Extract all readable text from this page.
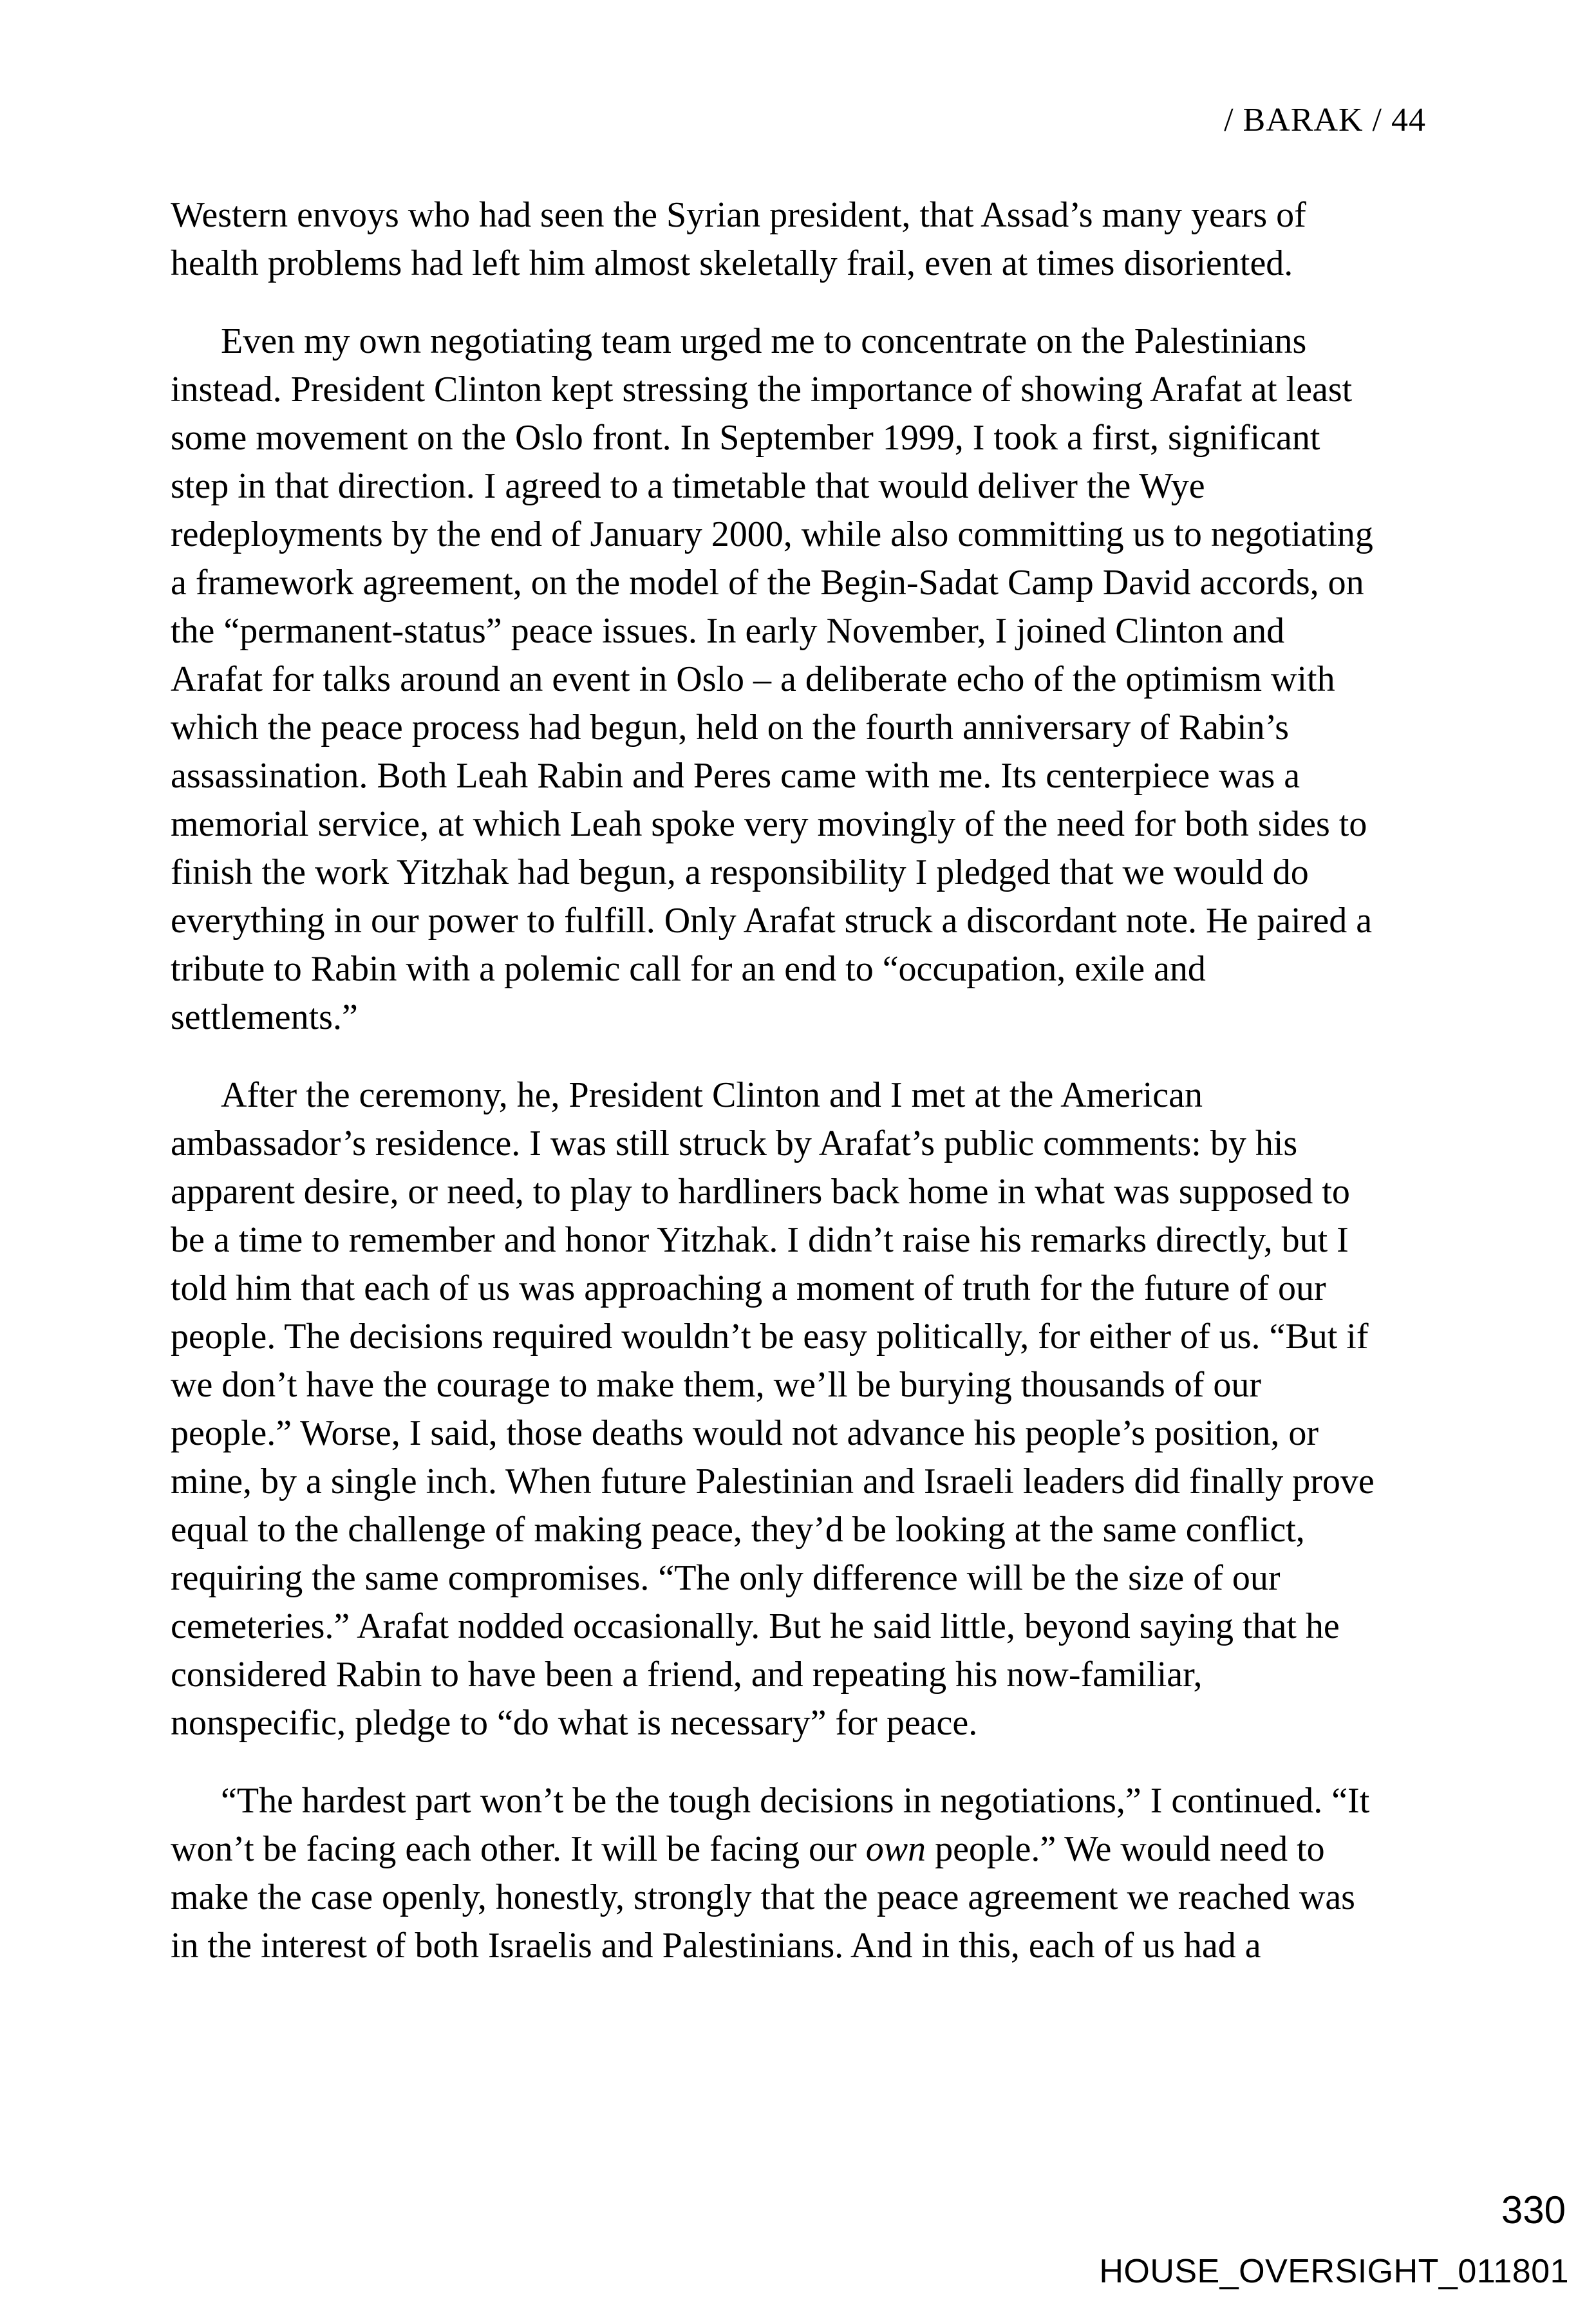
/ BARAK / 44

Western envoys who had seen the Syrian president, that Assad’s many years of
health problems had left him almost skeletally frail, even at times disoriented.

Even my own negotiating team urged me to concentrate on the Palestinians
instead. President Clinton kept stressing the importance of showing Arafat at least
some movement on the Oslo front. In September 1999, I took a first, significant
step in that direction. I agreed to a timetable that would deliver the Wye
redeployments by the end of January 2000, while also committing us to negotiating
a framework agreement, on the model of the Begin-Sadat Camp David accords, on
the “permanent-status” peace issues. In early November, I joined Clinton and
Arafat for talks around an event in Oslo – a deliberate echo of the optimism with
which the peace process had begun, held on the fourth anniversary of Rabin’s
assassination. Both Leah Rabin and Peres came with me. Its centerpiece was a
memorial service, at which Leah spoke very movingly of the need for both sides to
finish the work Yitzhak had begun, a responsibility I pledged that we would do
everything in our power to fulfill. Only Arafat struck a discordant note. He paired a
tribute to Rabin with a polemic call for an end to “occupation, exile and
settlements.”

After the ceremony, he, President Clinton and I met at the American
ambassador’s residence. I was still struck by Arafat’s public comments: by his
apparent desire, or need, to play to hardliners back home in what was supposed to
be a time to remember and honor Yitzhak. I didn’t raise his remarks directly, but I
told him that each of us was approaching a moment of truth for the future of our
people. The decisions required wouldn’t be easy politically, for either of us. “But if
we don’t have the courage to make them, we’ll be burying thousands of our
people.” Worse, I said, those deaths would not advance his people’s position, or
mine, by a single inch. When future Palestinian and Israeli leaders did finally prove
equal to the challenge of making peace, they’d be looking at the same conflict,
requiring the same compromises. “The only difference will be the size of our
cemeteries.” Arafat nodded occasionally. But he said little, beyond saying that he
considered Rabin to have been a friend, and repeating his now-familiar,
nonspecific, pledge to “do what is necessary” for peace.

“The hardest part won’t be the tough decisions in negotiations,” I continued. “It
won’t be facing each other. It will be facing our own people.” We would need to
make the case openly, honestly, strongly that the peace agreement we reached was
in the interest of both Israelis and Palestinians. And in this, each of us had a

330
HOUSE_OVERSIGHT_011801
